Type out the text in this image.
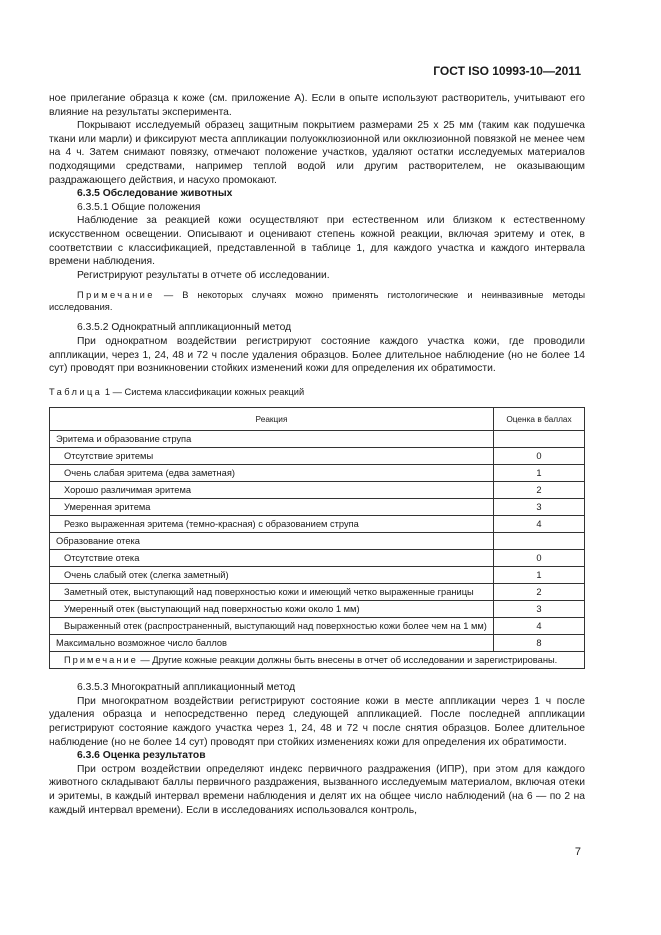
ГОСТ ISO 10993-10—2011

ное прилегание образца к коже (см. приложение А). Если в опыте используют растворитель, учитывают его влияние на результаты эксперимента.

Покрывают исследуемый образец защитным покрытием размерами 25 х 25 мм (таким как подушечка ткани или марли) и фиксируют места аппликации полуокклюзионной или окклюзионной повязкой не менее чем на 4 ч. Затем снимают повязку, отмечают положение участков, удаляют остатки исследуемых материалов подходящими средствами, например теплой водой или другим растворителем, не оказывающим раздражающего действия, и насухо промокают.

6.3.5 Обследование животных

6.3.5.1 Общие положения

Наблюдение за реакцией кожи осуществляют при естественном или близком к естественному искусственном освещении. Описывают и оценивают степень кожной реакции, включая эритему и отек, в соответствии с классификацией, представленной в таблице 1, для каждого участка и каждого интервала времени наблюдения.

Регистрируют результаты в отчете об исследовании.

Примечание — В некоторых случаях можно применять гистологические и неинвазивные методы исследования.

6.3.5.2 Однократный аппликационный метод

При однократном воздействии регистрируют состояние каждого участка кожи, где проводили аппликации, через 1, 24, 48 и 72 ч после удаления образцов. Более длительное наблюдение (но не более 14 сут) проводят при возникновении стойких изменений кожи для определения их обратимости.

Таблица 1 — Система классификации кожных реакций

Реакция	Оценка в баллах
Эритема и образование струпа	
Отсутствие эритемы	0
Очень слабая эритема (едва заметная)	1
Хорошо различимая эритема	2
Умеренная эритема	3
Резко выраженная эритема (темно-красная) с образованием струпа	4
Образование отека	
Отсутствие отека	0
Очень слабый отек (слегка заметный)	1
Заметный отек, выступающий над поверхностью кожи и имеющий четко выраженные границы	2
Умеренный отек (выступающий над поверхностью кожи около 1 мм)	3
Выраженный отек (распространенный, выступающий над поверхностью кожи более чем на 1 мм)	4
Максимально возможное число баллов	8
Примечание — Другие кожные реакции должны быть внесены в отчет об исследовании и зарегистрированы.	

6.3.5.3 Многократный аппликационный метод

При многократном воздействии регистрируют состояние кожи в месте аппликации через 1 ч после удаления образца и непосредственно перед следующей аппликацией. После последней аппликации регистрируют состояние каждого участка через 1, 24, 48 и 72 ч после снятия образцов. Более длительное наблюдение (но не более 14 сут) проводят при стойких изменениях кожи для определения их обратимости.

6.3.6 Оценка результатов

При остром воздействии определяют индекс первичного раздражения (ИПР), при этом для каждого животного складывают баллы первичного раздражения, вызванного исследуемым материалом, включая отеки и эритемы, в каждый интервал времени наблюдения и делят их на общее число наблюдений (на 6 — по 2 на каждый интервал времени). Если в исследованиях использовался контроль,

7
